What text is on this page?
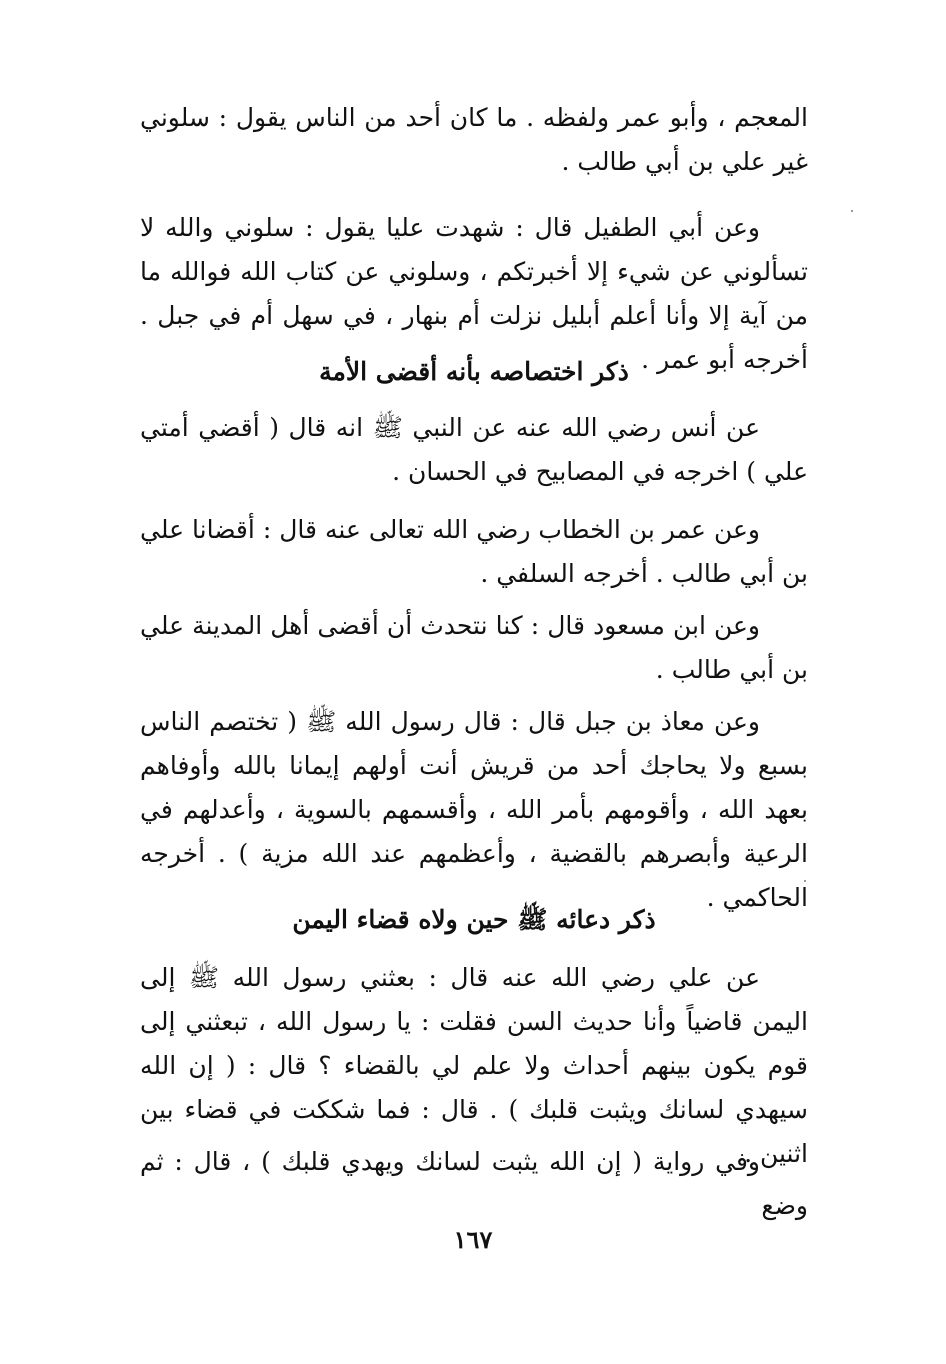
المعجم ، وأبو عمر ولفظه . ما كان أحد من الناس يقول : سلوني غير علي بن أبي طالب .

وعن أبي الطفيل قال : شهدت عليا يقول : سلوني والله لا تسألوني عن شيء إلا أخبرتكم ، وسلوني عن كتاب الله فوالله ما من آية إلا وأنا أعلم أبليل نزلت أم بنهار ، في سهل أم في جبل . أخرجه أبو عمر .

ذكر اختصاصه بأنه أقضى الأمة

عن أنس رضي الله عنه عن النبي ﷺ انه قال ( أقضي أمتي علي ) اخرجه في المصابيح في الحسان .

وعن عمر بن الخطاب رضي الله تعالى عنه قال : أقضانا علي بن أبي طالب . أخرجه السلفي .

وعن ابن مسعود قال : كنا نتحدث أن أقضى أهل المدينة علي بن أبي طالب .

وعن معاذ بن جبل قال : قال رسول الله ﷺ ( تختصم الناس بسبع ولا يحاجك أحد من قريش أنت أولهم إيمانا بالله وأوفاهم بعهد الله ، وأقومهم بأمر الله ، وأقسمهم بالسوية ، وأعدلهم في الرعية وأبصرهم بالقضية ، وأعظمهم عند الله مزية ) . أخرجه الحاكمي .

ذكر دعائه ﷺ حين ولاه قضاء اليمن

عن علي رضي الله عنه قال : بعثني رسول الله ﷺ إلى اليمن قاضياً وأنا حديث السن فقلت : يا رسول الله ، تبعثني إلى قوم يكون بينهم أحداث ولا علم لي بالقضاء ؟ قال : ( إن الله سيهدي لسانك ويثبت قلبك ) . قال : فما شككت في قضاء بين اثنين .

وفي رواية ( إن الله يثبت لسانك ويهدي قلبك ) ، قال : ثم وضع

١٦٧
